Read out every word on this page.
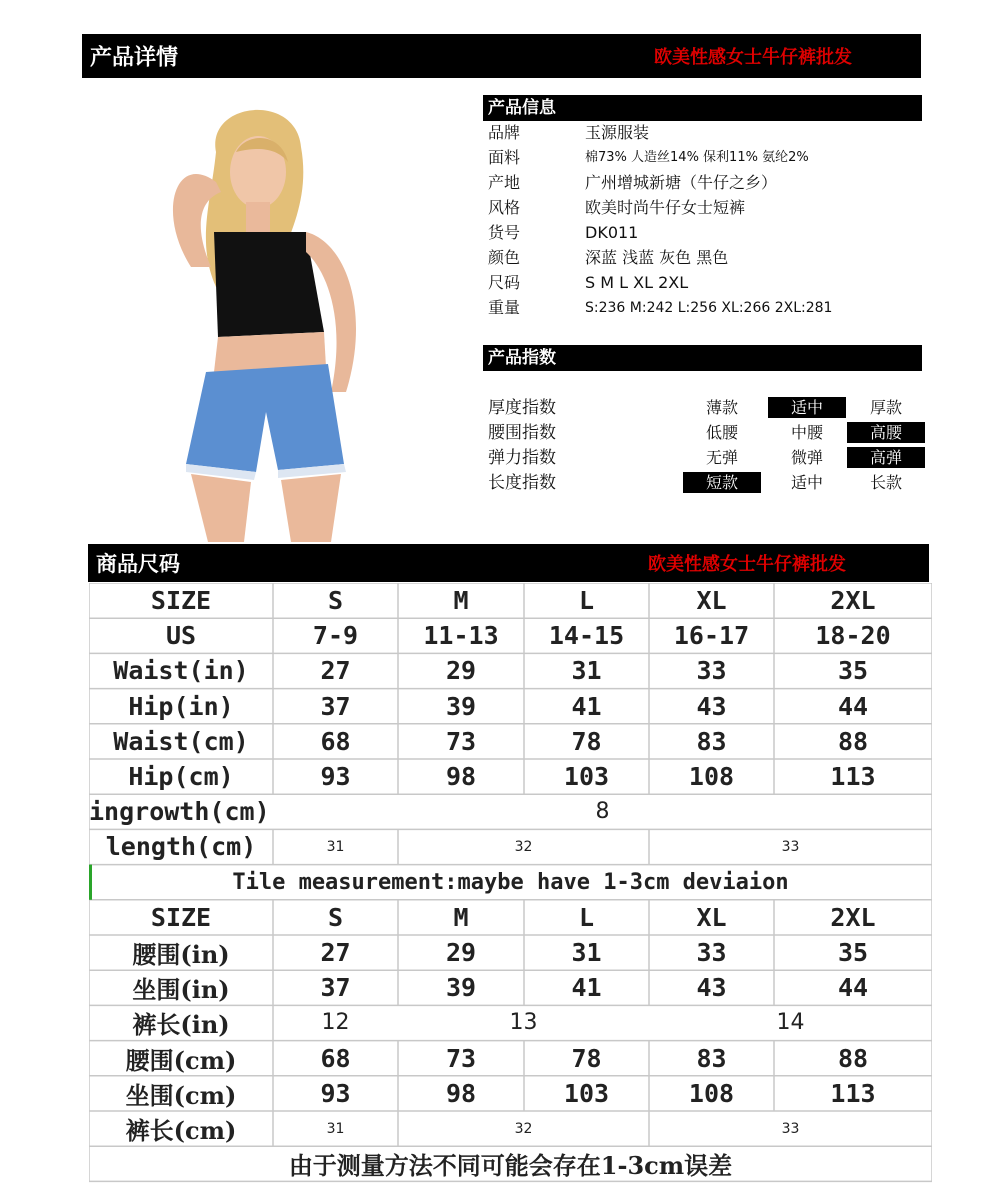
产品详情	欧美性感女士牛仔裤批发
产品信息
品牌	玉源服装
面料	棉73% 人造丝14% 保利11% 氨纶2%
产地	广州增城新塘（牛仔之乡）
风格	欧美时尚牛仔女士短裤
货号	DK011
颜色	深蓝 浅蓝 灰色 黑色
尺码	S M L XL 2XL
重量	S:236 M:242 L:256 XL:266 2XL:281
产品指数
厚度指数	薄款	适中	厚款
腰围指数	低腰	中腰	高腰
弹力指数	无弹	微弹	高弹
长度指数	短款	适中	长款
商品尺码	欧美性感女士牛仔裤批发
SIZE	S	M	L	XL	2XL
US	7-9	11-13	14-15	16-17	18-20
Waist(in)	27	29	31	33	35
Hip(in)	37	39	41	43	44
Waist(cm)	68	73	78	83	88
Hip(cm)	93	98	103	108	113
ingrowth(cm)	8
length(cm)	31	32	33
Tile measurement:maybe have 1-3cm deviaion
SIZE	S	M	L	XL	2XL
腰围(in)	27	29	31	33	35
坐围(in)	37	39	41	43	44
裤长(in)	12	13	14
腰围(cm)	68	73	78	83	88
坐围(cm)	93	98	103	108	113
裤长(cm)	31	32	33
由于测量方法不同可能会存在1-3cm误差
